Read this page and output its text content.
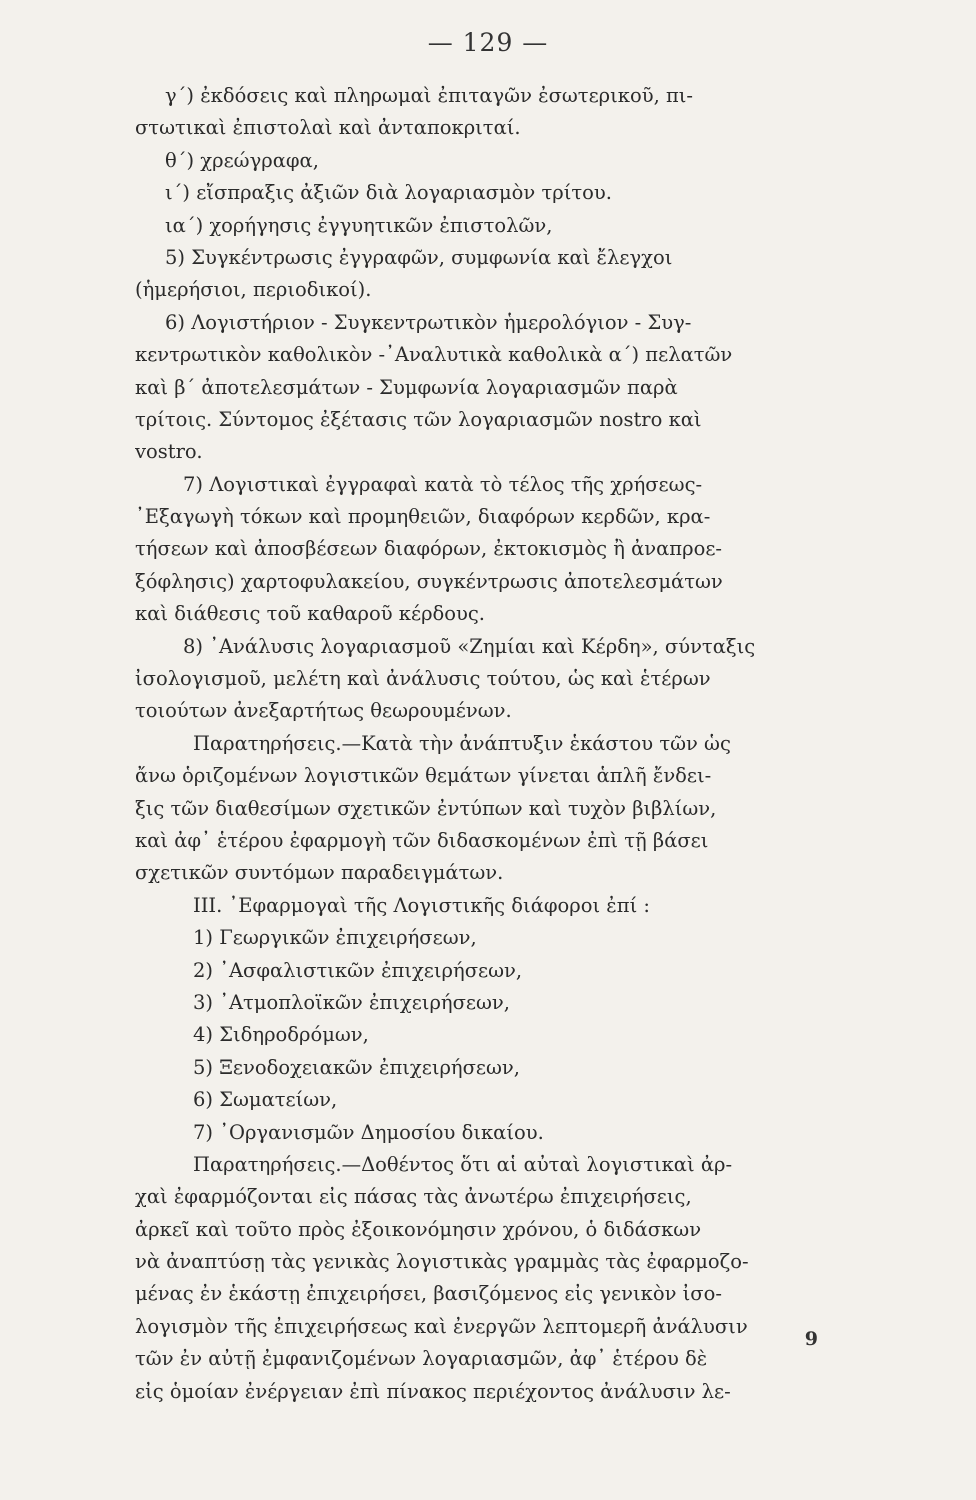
— 129 —
γ΄) ἐκδόσεις καὶ πληρωμαὶ ἐπιταγῶν ἐσωτερικοῦ, πι-
στωτικαὶ ἐπιστολαὶ καὶ ἀνταποκριταί.
θ΄) χρεώγραφα,
ι΄) εἴσπραξις ἀξιῶν διὰ λογαριασμὸν τρίτου.
ια΄) χορήγησις ἐγγυητικῶν ἐπιστολῶν,
5) Συγκέντρωσις ἐγγραφῶν, συμφωνία καὶ ἔλεγχοι
(ἡμερήσιοι, περιοδικοί).
6) Λογιστήριον - Συγκεντρωτικὸν ἡμερολόγιον - Συγ-
κεντρωτικὸν καθολικὸν -᾿Αναλυτικὰ καθολικὰ α΄) πελατῶν
καὶ β΄ ἀποτελεσμάτων - Συμφωνία λογαριασμῶν παρὰ
τρίτοις. Σύντομος ἐξέτασις τῶν λογαριασμῶν nostro καὶ
vostro.
7) Λογιστικαὶ ἐγγραφαὶ κατὰ τὸ τέλος τῆς χρήσεως-
᾿Εξαγωγὴ τόκων καὶ προμηθειῶν, διαφόρων κερδῶν, κρα-
τήσεων καὶ ἀποσβέσεων διαφόρων, ἐκτοκισμὸς ἢ ἀναπροε-
ξόφλησις) χαρτοφυλακείου, συγκέντρωσις ἀποτελεσμάτων
καὶ διάθεσις τοῦ καθαροῦ κέρδους.
8) ᾿Ανάλυσις λογαριασμοῦ «Ζημίαι καὶ Κέρδη», σύνταξις
ἰσολογισμοῦ, μελέτη καὶ ἀνάλυσις τούτου, ὡς καὶ ἑτέρων
τοιούτων ἀνεξαρτήτως θεωρουμένων.
Παρατηρήσεις.—Κατὰ τὴν ἀνάπτυξιν ἑκάστου τῶν ὡς
ἄνω ὁριζομένων λογιστικῶν θεμάτων γίνεται ἁπλῆ ἔνδει-
ξις τῶν διαθεσίμων σχετικῶν ἐντύπων καὶ τυχὸν βιβλίων,
καὶ ἀφ᾿ ἑτέρου ἐφαρμογὴ τῶν διδασκομένων ἐπὶ τῇ βάσει
σχετικῶν συντόμων παραδειγμάτων.
ΙΙΙ. ᾿Εφαρμογαὶ τῆς Λογιστικῆς διάφοροι ἐπί :
1) Γεωργικῶν ἐπιχειρήσεων,
2) ᾿Ασφαλιστικῶν ἐπιχειρήσεων,
3) ᾿Ατμοπλοϊκῶν ἐπιχειρήσεων,
4) Σιδηροδρόμων,
5) Ξενοδοχειακῶν ἐπιχειρήσεων,
6) Σωματείων,
7) ᾿Οργανισμῶν Δημοσίου δικαίου.
Παρατηρήσεις.—Δοθέντος ὅτι αἱ αὐταὶ λογιστικαὶ ἀρ-
χαὶ ἐφαρμόζονται εἰς πάσας τὰς ἀνωτέρω ἐπιχειρήσεις,
ἀρκεῖ καὶ τοῦτο πρὸς ἐξοικονόμησιν χρόνου, ὁ διδάσκων
νὰ ἀναπτύσῃ τὰς γενικὰς λογιστικὰς γραμμὰς τὰς ἐφαρμοζο-
μένας ἐν ἑκάστῃ ἐπιχειρήσει, βασιζόμενος εἰς γενικὸν ἰσο-
λογισμὸν τῆς ἐπιχειρήσεως καὶ ἐνεργῶν λεπτομερῆ ἀνάλυσιν
τῶν ἐν αὐτῇ ἐμφανιζομένων λογαριασμῶν, ἀφ᾿ ἑτέρου δὲ
εἰς ὁμοίαν ἐνέργειαν ἐπὶ πίνακος περιέχοντος ἀνάλυσιν λε-
9
